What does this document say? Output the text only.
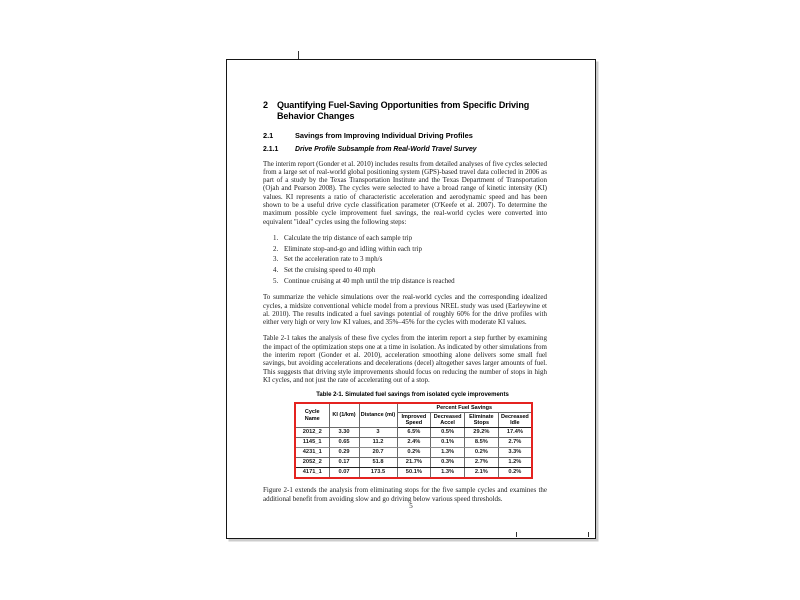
2	Quantifying Fuel-Saving Opportunities from Specific Driving
Behavior Changes
2.1	Savings from Improving Individual Driving Profiles
2.1.1	Drive Profile Subsample from Real-World Travel Survey

The interim report (Gonder et al. 2010) includes results from detailed analyses of five cycles selected from a large set of real-world global positioning system (GPS)-based travel data collected in 2006 as part of a study by the Texas Transportation Institute and the Texas Department of Transportation (Ojah and Pearson 2008). The cycles were selected to have a broad range of kinetic intensity (KI) values. KI represents a ratio of characteristic acceleration and aerodynamic speed and has been shown to be a useful drive cycle classification parameter (O'Keefe et al. 2007). To determine the maximum possible cycle improvement fuel savings, the real-world cycles were converted into equivalent "ideal" cycles using the following steps:

1. Calculate the trip distance of each sample trip
2. Eliminate stop-and-go and idling within each trip
3. Set the acceleration rate to 3 mph/s
4. Set the cruising speed to 40 mph
5. Continue cruising at 40 mph until the trip distance is reached

To summarize the vehicle simulations over the real-world cycles and the corresponding idealized cycles, a midsize conventional vehicle model from a previous NREL study was used (Earleywine et al. 2010). The results indicated a fuel savings potential of roughly 60% for the drive profiles with either very high or very low KI values, and 35%–45% for the cycles with moderate KI values.

Table 2-1 takes the analysis of these five cycles from the interim report a step further by examining the impact of the optimization steps one at a time in isolation. As indicated by other simulations from the interim report (Gonder et al. 2010), acceleration smoothing alone delivers some small fuel savings, but avoiding accelerations and decelerations (decel) altogether saves larger amounts of fuel. This suggests that driving style improvements should focus on reducing the number of stops in high KI cycles, and not just the rate of accelerating out of a stop.

Table 2-1. Simulated fuel savings from isolated cycle improvements
Cycle Name	KI (1/km)	Distance (mi)	Percent Fuel Savings			
			Improved Speed	Decreased Accel	Eliminate Stops	Decreased Idle
2012_2	3.30	3	6.5%	0.5%	29.2%	17.4%
1145_1	0.65	11.2	2.4%	0.1%	8.5%	2.7%
4231_1	0.29	20.7	0.2%	1.3%	0.2%	3.3%
2052_2	0.17	51.8	21.7%	0.3%	2.7%	1.2%
4171_1	0.07	173.5	50.1%	1.3%	2.1%	0.2%

Figure 2-1 extends the analysis from eliminating stops for the five sample cycles and examines the additional benefit from avoiding slow and go driving below various speed thresholds.

5
